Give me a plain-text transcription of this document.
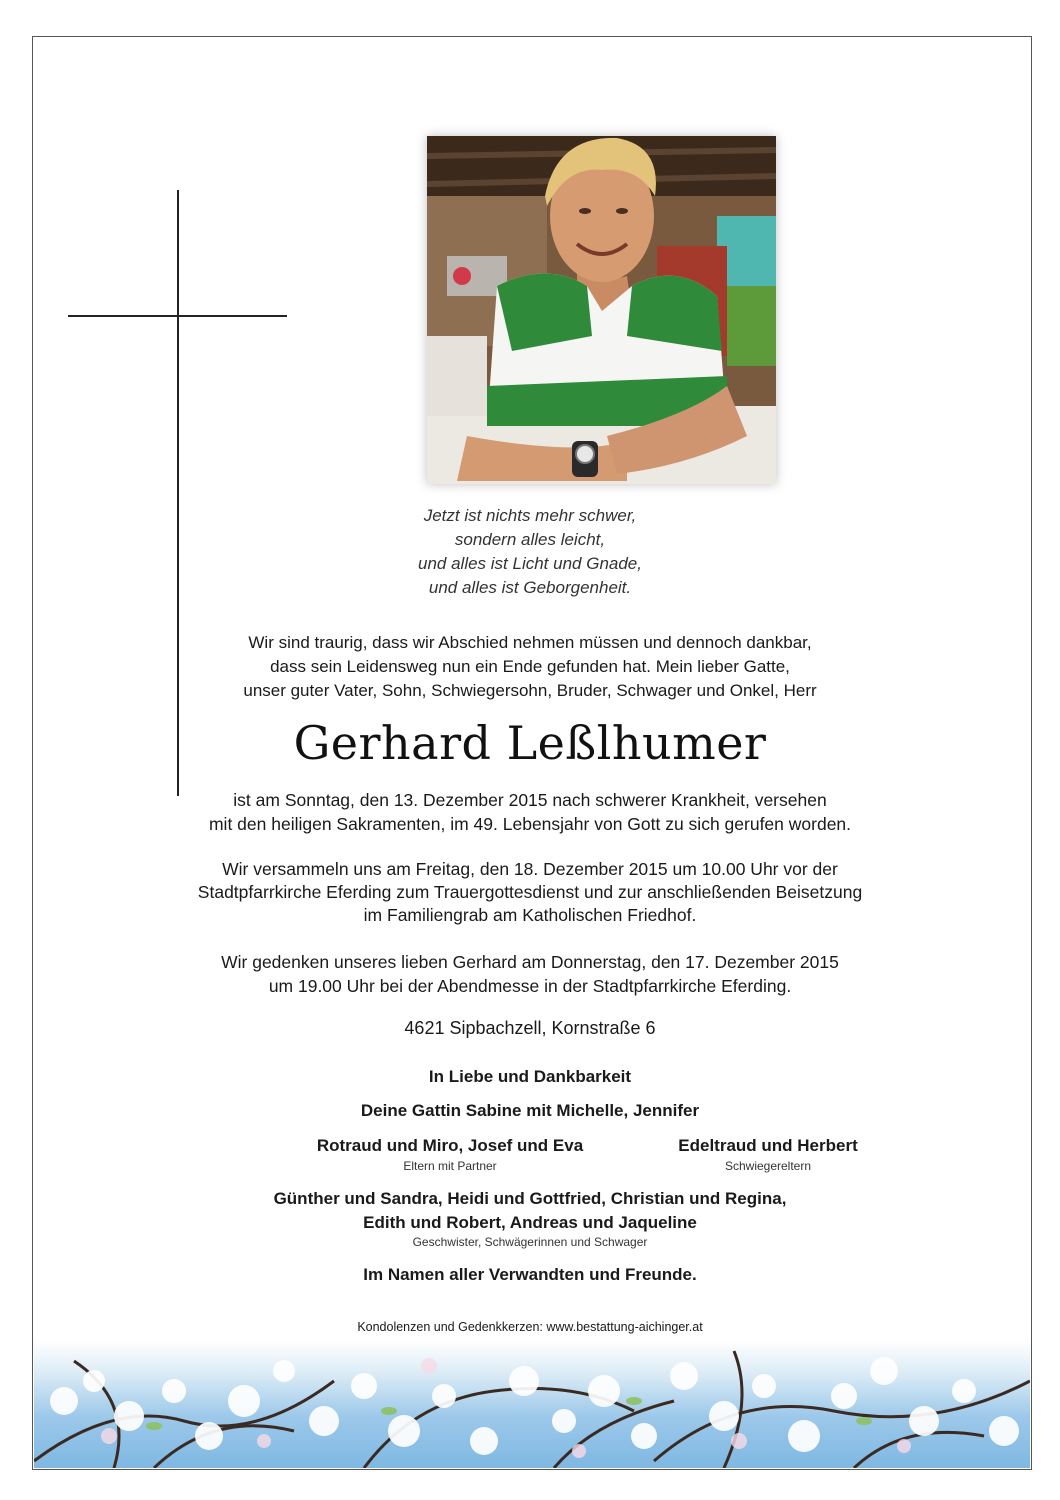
Jetzt ist nichts mehr schwer,
sondern alles leicht,
und alles ist Licht und Gnade,
und alles ist Geborgenheit.
Wir sind traurig, dass wir Abschied nehmen müssen und dennoch dankbar,
dass sein Leidensweg nun ein Ende gefunden hat. Mein lieber Gatte,
unser guter Vater, Sohn, Schwiegersohn, Bruder, Schwager und Onkel, Herr
Gerhard Leßlhumer
ist am Sonntag, den 13. Dezember 2015 nach schwerer Krankheit, versehen
mit den heiligen Sakramenten, im 49. Lebensjahr von Gott zu sich gerufen worden.
Wir versammeln uns am Freitag, den 18. Dezember 2015 um 10.00 Uhr vor der
Stadtpfarrkirche Eferding zum Trauergottesdienst und zur anschließenden Beisetzung
im Familiengrab am Katholischen Friedhof.
Wir gedenken unseres lieben Gerhard am Donnerstag, den 17. Dezember 2015
um 19.00 Uhr bei der Abendmesse in der Stadtpfarrkirche Eferding.
4621 Sipbachzell, Kornstraße 6
In Liebe und Dankbarkeit
Deine Gattin Sabine mit Michelle, Jennifer
Rotraud und Miro, Josef und Eva
Eltern mit Partner
Edeltraud und Herbert
Schwiegereltern
Günther und Sandra, Heidi und Gottfried, Christian und Regina,
Edith und Robert, Andreas und Jaqueline
Geschwister, Schwägerinnen und Schwager
Im Namen aller Verwandten und Freunde.
Kondolenzen und Gedenkkerzen: www.bestattung-aichinger.at
